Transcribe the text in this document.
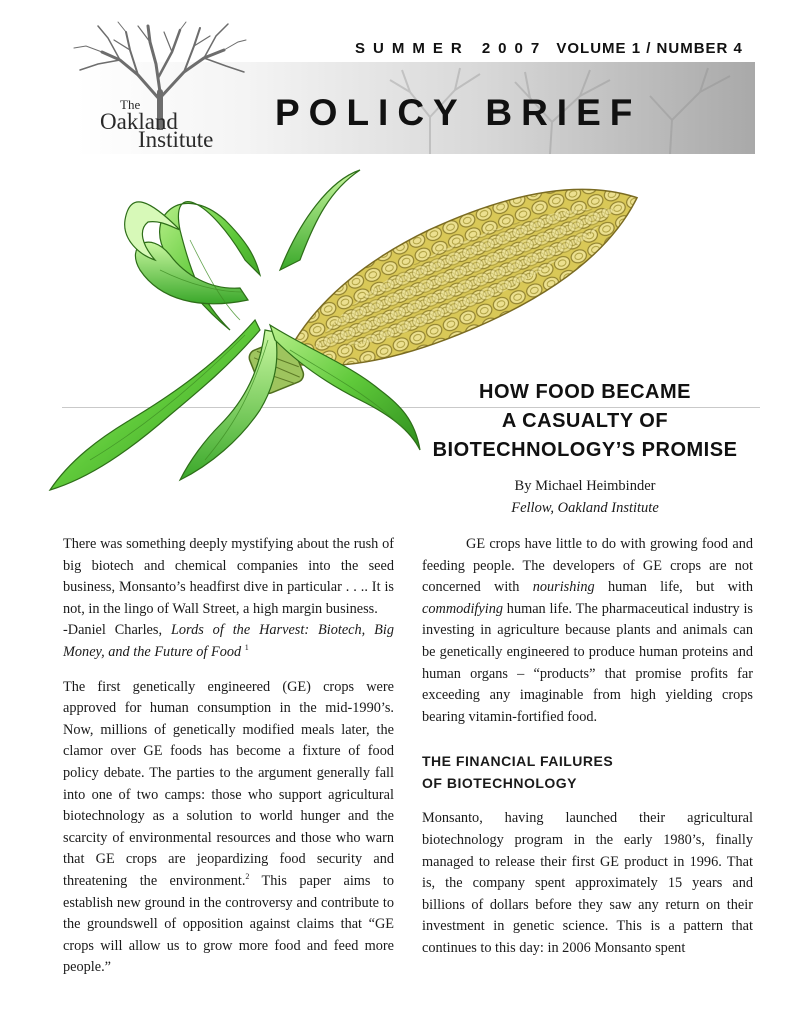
SUMMER 2007 VOLUME 1 / NUMBER 4
The
Oakland
Institute
POLICY BRIEF
HOW FOOD BECAME
A CASUALTY OF
BIOTECHNOLOGY’S PROMISE
By Michael Heimbinder
Fellow, Oakland Institute

There was something deeply mystifying about the rush of big biotech and chemical companies into the seed business, Monsanto’s headfirst dive in particular . . .. It is not, in the lingo of Wall Street, a high margin business.

-Daniel Charles, Lords of the Harvest: Biotech, Big Money, and the Future of Food $^1$

The first genetically engineered (GE) crops were approved for human consumption in the mid-1990’s. Now, millions of genetically modified meals later, the clamor over GE foods has become a fixture of food policy debate. The parties to the argument generally fall into one of two camps: those who support agricultural biotechnology as a solution to world hunger and the scarcity of environmental resources and those who warn that GE crops are jeopardizing food security and threatening the environment.$^2$ This paper aims to establish new ground in the controversy and contribute to the groundswell of opposition against claims that “GE crops will allow us to grow more food and feed more people.”

GE crops have little to do with growing food and feeding people. The developers of GE crops are not concerned with nourishing human life, but with commodifying human life. The pharmaceutical industry is investing in agriculture because plants and animals can be genetically engineered to produce human proteins and human organs – “products” that promise profits far exceeding any imaginable from high yielding crops bearing vitamin-fortified food.

THE FINANCIAL FAILURES
OF BIOTECHNOLOGY

Monsanto, having launched their agricultural biotechnology program in the early 1980’s, finally managed to release their first GE product in 1996. That is, the company spent approximately 15 years and billions of dollars before they saw any return on their investment in genetic science. This is a pattern that continues to this day: in 2006 Monsanto spent
